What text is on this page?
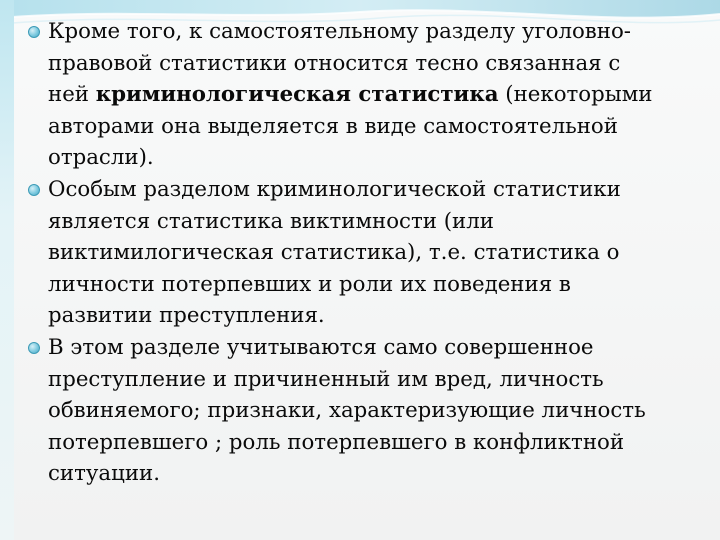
Кроме того, к самостоятельному разделу уголовно-
правовой статистики относится тесно связанная с
ней криминологическая статистика (некоторыми
авторами она выделяется в виде самостоятельной
отрасли).
Особым разделом криминологической статистики
является статистика виктимности (или
виктимилогическая статистика), т.е. статистика о
личности потерпевших и роли их поведения в
развитии преступления.
В этом разделе учитываются само совершенное
преступление и причиненный им вред, личность
обвиняемого; признаки, характеризующие личность
потерпевшего ; роль потерпевшего в конфликтной
ситуации.
